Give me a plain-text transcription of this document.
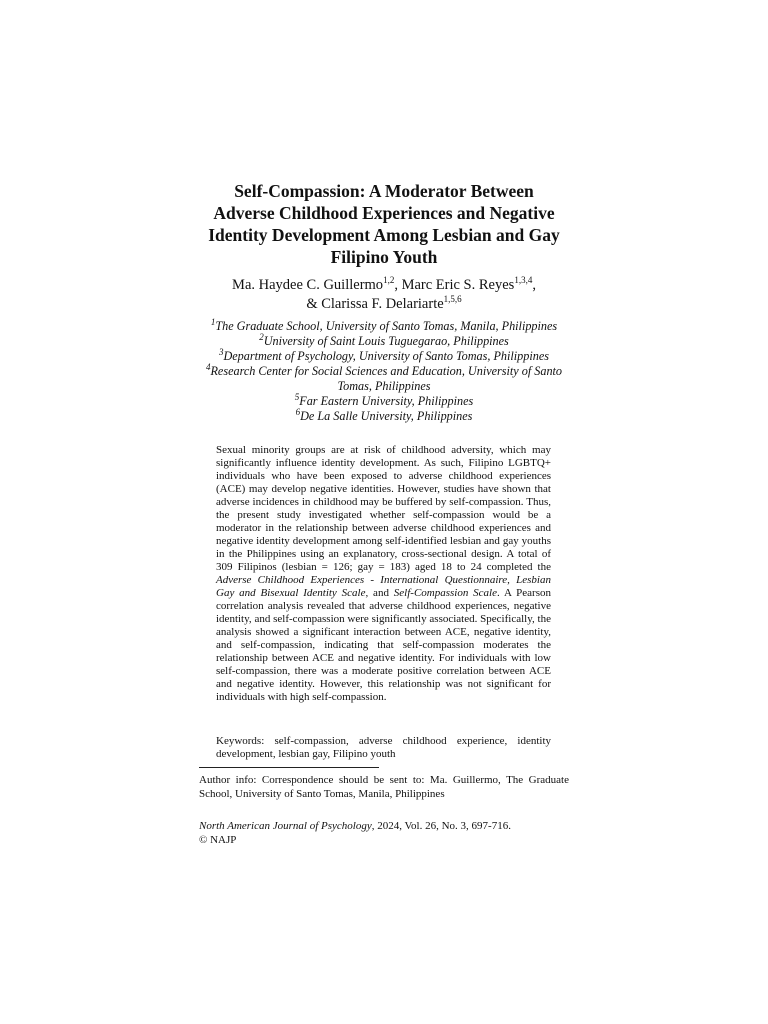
Self-Compassion: A Moderator Between Adverse Childhood Experiences and Negative Identity Development Among Lesbian and Gay Filipino Youth
Ma. Haydee C. Guillermo$^{1,2}$, Marc Eric S. Reyes$^{1,3,4}$,
& Clarissa F. Delariarte$^{1,5,6}$
$^1$The Graduate School, University of Santo Tomas, Manila, Philippines
$^2$University of Saint Louis Tuguegarao, Philippines
$^3$Department of Psychology, University of Santo Tomas, Philippines
$^4$Research Center for Social Sciences and Education, University of Santo Tomas, Philippines
$^5$Far Eastern University, Philippines
$^6$De La Salle University, Philippines
Sexual minority groups are at risk of childhood adversity, which may significantly influence identity development. As such, Filipino LGBTQ+ individuals who have been exposed to adverse childhood experiences (ACE) may develop negative identities. However, studies have shown that adverse incidences in childhood may be buffered by self-compassion. Thus, the present study investigated whether self-compassion would be a moderator in the relationship between adverse childhood experiences and negative identity development among self-identified lesbian and gay youths in the Philippines using an explanatory, cross-sectional design. A total of 309 Filipinos (lesbian = 126; gay = 183) aged 18 to 24 completed the Adverse Childhood Experiences - International Questionnaire, Lesbian Gay and Bisexual Identity Scale, and Self-Compassion Scale. A Pearson correlation analysis revealed that adverse childhood experiences, negative identity, and self-compassion were significantly associated. Specifically, the analysis showed a significant interaction between ACE, negative identity, and self-compassion, indicating that self-compassion moderates the relationship between ACE and negative identity. For individuals with low self-compassion, there was a moderate positive correlation between ACE and negative identity. However, this relationship was not significant for individuals with high self-compassion.
Keywords: self-compassion, adverse childhood experience, identity development, lesbian gay, Filipino youth
Author info: Correspondence should be sent to: Ma. Guillermo, The Graduate School, University of Santo Tomas, Manila, Philippines
North American Journal of Psychology, 2024, Vol. 26, No. 3, 697-716.
© NAJP
